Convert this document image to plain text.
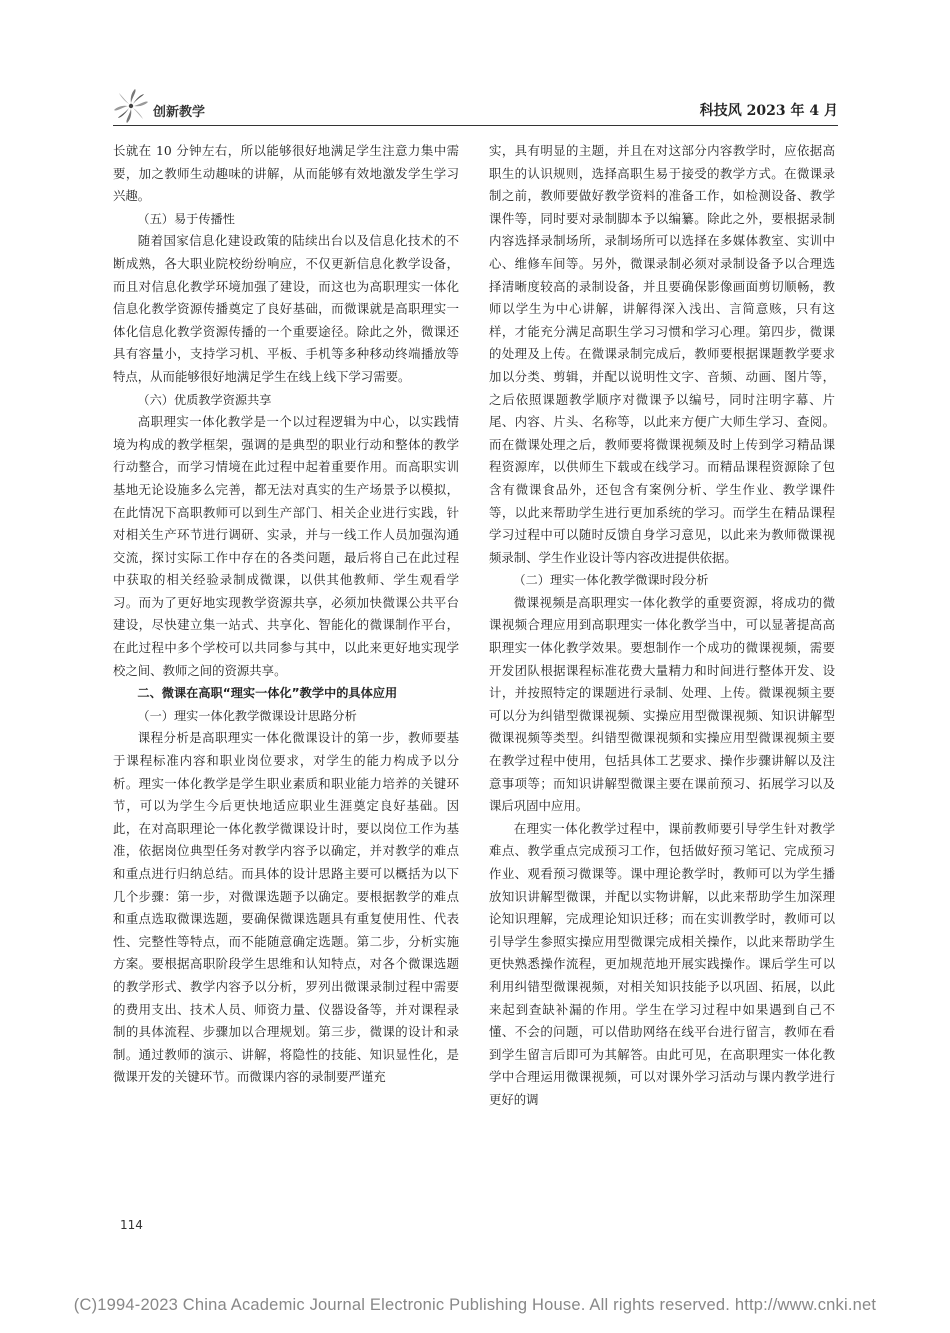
创新教学	科技风 2023 年 4 月

长就在 10 分钟左右，所以能够很好地满足学生注意力集中需要，加之教师生动趣味的讲解，从而能够有效地激发学生学习兴趣。

（五）易于传播性

随着国家信息化建设政策的陆续出台以及信息化技术的不断成熟，各大职业院校纷纷响应，不仅更新信息化教学设备，而且对信息化教学环境加强了建设，而这也为高职理实一体化信息化教学资源传播奠定了良好基础，而微课就是高职理实一体化信息化教学资源传播的一个重要途径。除此之外，微课还具有容量小，支持学习机、平板、手机等多种移动终端播放等特点，从而能够很好地满足学生在线上线下学习需要。

（六）优质教学资源共享

高职理实一体化教学是一个以过程逻辑为中心，以实践情境为构成的教学框架，强调的是典型的职业行动和整体的教学行动整合，而学习情境在此过程中起着重要作用。而高职实训基地无论设施多么完善，都无法对真实的生产场景予以模拟，在此情况下高职教师可以到生产部门、相关企业进行实践，针对相关生产环节进行调研、实录，并与一线工作人员加强沟通交流，探讨实际工作中存在的各类问题，最后将自己在此过程中获取的相关经验录制成微课，以供其他教师、学生观看学习。而为了更好地实现教学资源共享，必须加快微课公共平台建设，尽快建立集一站式、共享化、智能化的微课制作平台，在此过程中多个学校可以共同参与其中，以此来更好地实现学校之间、教师之间的资源共享。

二、微课在高职“理实一体化”教学中的具体应用
（一）理实一体化教学微课设计思路分析

课程分析是高职理实一体化微课设计的第一步，教师要基于课程标准内容和职业岗位要求，对学生的能力构成予以分析。理实一体化教学是学生职业素质和职业能力培养的关键环节，可以为学生今后更快地适应职业生涯奠定良好基础。因此，在对高职理论一体化教学微课设计时，要以岗位工作为基准，依据岗位典型任务对教学内容予以确定，并对教学的难点和重点进行归纳总结。而具体的设计思路主要可以概括为以下几个步骤：第一步，对微课选题予以确定。要根据教学的难点和重点选取微课选题，要确保微课选题具有重复使用性、代表性、完整性等特点，而不能随意确定选题。第二步，分析实施方案。要根据高职阶段学生思维和认知特点，对各个微课选题的教学形式、教学内容予以分析，罗列出微课录制过程中需要的费用支出、技术人员、师资力量、仪器设备等，并对课程录制的具体流程、步骤加以合理规划。第三步，微课的设计和录制。通过教师的演示、讲解，将隐性的技能、知识显性化，是微课开发的关键环节。而微课内容的录制要严谨充

实，具有明显的主题，并且在对这部分内容教学时，应依据高职生的认识规则，选择高职生易于接受的教学方式。在微课录制之前，教师要做好教学资料的准备工作，如检测设备、教学课件等，同时要对录制脚本予以编纂。除此之外，要根据录制内容选择录制场所，录制场所可以选择在多媒体教室、实训中心、维修车间等。另外，微课录制必须对录制设备予以合理选择清晰度较高的录制设备，并且要确保影像画面剪切顺畅，教师以学生为中心讲解，讲解得深入浅出、言简意赅，只有这样，才能充分满足高职生学习习惯和学习心理。第四步，微课的处理及上传。在微课录制完成后，教师要根据课题教学要求加以分类、剪辑，并配以说明性文字、音频、动画、图片等，之后依照课题教学顺序对微课予以编号，同时注明字幕、片尾、内容、片头、名称等，以此来方便广大师生学习、查阅。而在微课处理之后，教师要将微课视频及时上传到学习精品课程资源库，以供师生下载或在线学习。而精品课程资源除了包含有微课食品外，还包含有案例分析、学生作业、教学课件等，以此来帮助学生进行更加系统的学习。而学生在精品课程学习过程中可以随时反馈自身学习意见，以此来为教师微课视频录制、学生作业设计等内容改进提供依据。

（二）理实一体化教学微课时段分析

微课视频是高职理实一体化教学的重要资源，将成功的微课视频合理应用到高职理实一体化教学当中，可以显著提高高职理实一体化教学效果。要想制作一个成功的微课视频，需要开发团队根据课程标准花费大量精力和时间进行整体开发、设计，并按照特定的课题进行录制、处理、上传。微课视频主要可以分为纠错型微课视频、实操应用型微课视频、知识讲解型微课视频等类型。纠错型微课视频和实操应用型微课视频主要在教学过程中使用，包括具体工艺要求、操作步骤讲解以及注意事项等；而知识讲解型微课主要在课前预习、拓展学习以及课后巩固中应用。

在理实一体化教学过程中，课前教师要引导学生针对教学难点、教学重点完成预习工作，包括做好预习笔记、完成预习作业、观看预习微课等。课中理论教学时，教师可以为学生播放知识讲解型微课，并配以实物讲解，以此来帮助学生加深理论知识理解，完成理论知识迁移；而在实训教学时，教师可以引导学生参照实操应用型微课完成相关操作，以此来帮助学生更快熟悉操作流程，更加规范地开展实践操作。课后学生可以利用纠错型微课视频，对相关知识技能予以巩固、拓展，以此来起到查缺补漏的作用。学生在学习过程中如果遇到自己不懂、不会的问题，可以借助网络在线平台进行留言，教师在看到学生留言后即可为其解答。由此可见，在高职理实一体化教学中合理运用微课视频，可以对课外学习活动与课内教学进行更好的调

114
(C)1994-2023 China Academic Journal Electronic Publishing House. All rights reserved. http://www.cnki.net
